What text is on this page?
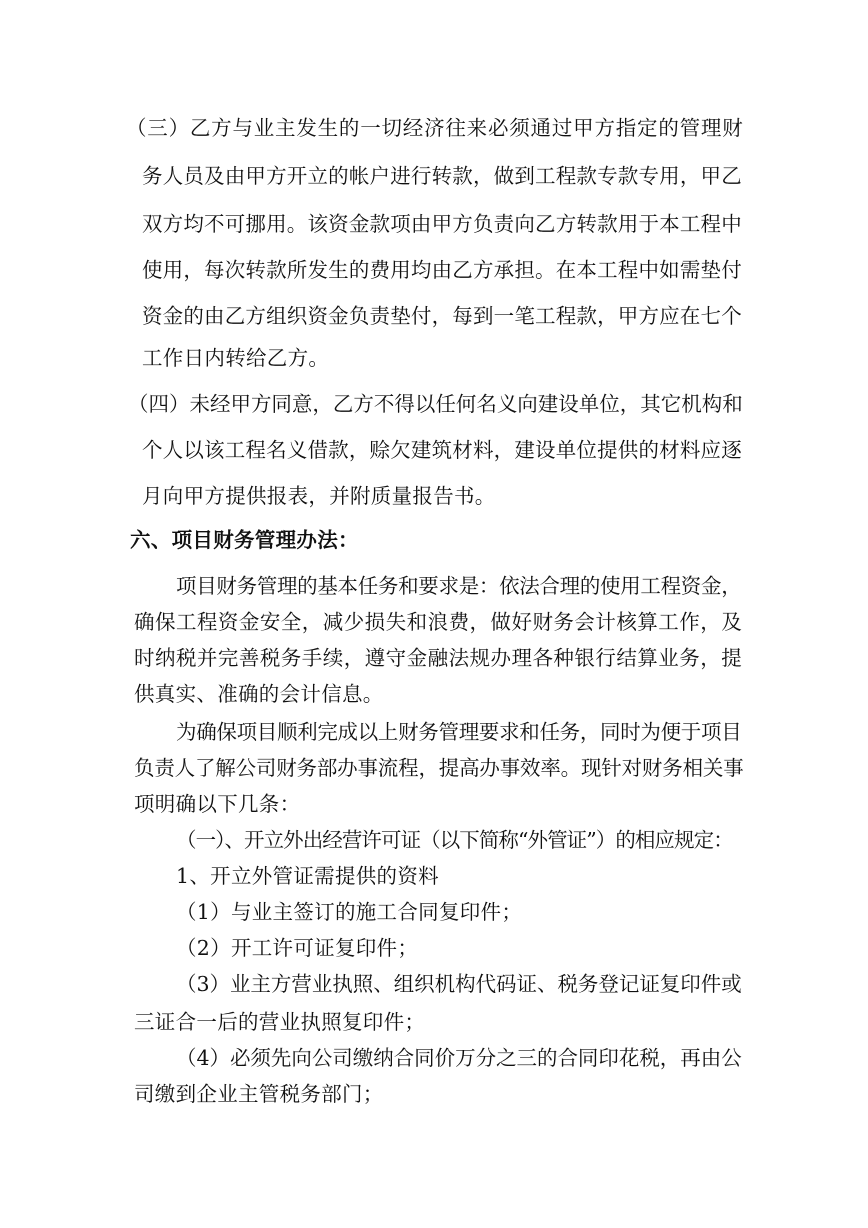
（三）乙方与业主发生的一切经济往来必须通过甲方指定的管理财
务人员及由甲方开立的帐户进行转款，做到工程款专款专用，甲乙
双方均不可挪用。该资金款项由甲方负责向乙方转款用于本工程中
使用，每次转款所发生的费用均由乙方承担。在本工程中如需垫付
资金的由乙方组织资金负责垫付，每到一笔工程款，甲方应在七个
工作日内转给乙方。
（四）未经甲方同意，乙方不得以任何名义向建设单位，其它机构和
个人以该工程名义借款，赊欠建筑材料，建设单位提供的材料应逐
月向甲方提供报表，并附质量报告书。
六、项目财务管理办法：
项目财务管理的基本任务和要求是：依法合理的使用工程资金，
确保工程资金安全，减少损失和浪费，做好财务会计核算工作，及
时纳税并完善税务手续，遵守金融法规办理各种银行结算业务，提
供真实、准确的会计信息。
为确保项目顺利完成以上财务管理要求和任务，同时为便于项目
负责人了解公司财务部办事流程，提高办事效率。现针对财务相关事
项明确以下几条：
（一）、开立外出经营许可证（以下简称“外管证”）的相应规定：
1、开立外管证需提供的资料
（1）与业主签订的施工合同复印件；
（2）开工许可证复印件；
（3）业主方营业执照、组织机构代码证、税务登记证复印件或
三证合一后的营业执照复印件；
（4）必须先向公司缴纳合同价万分之三的合同印花税，再由公
司缴到企业主管税务部门；
